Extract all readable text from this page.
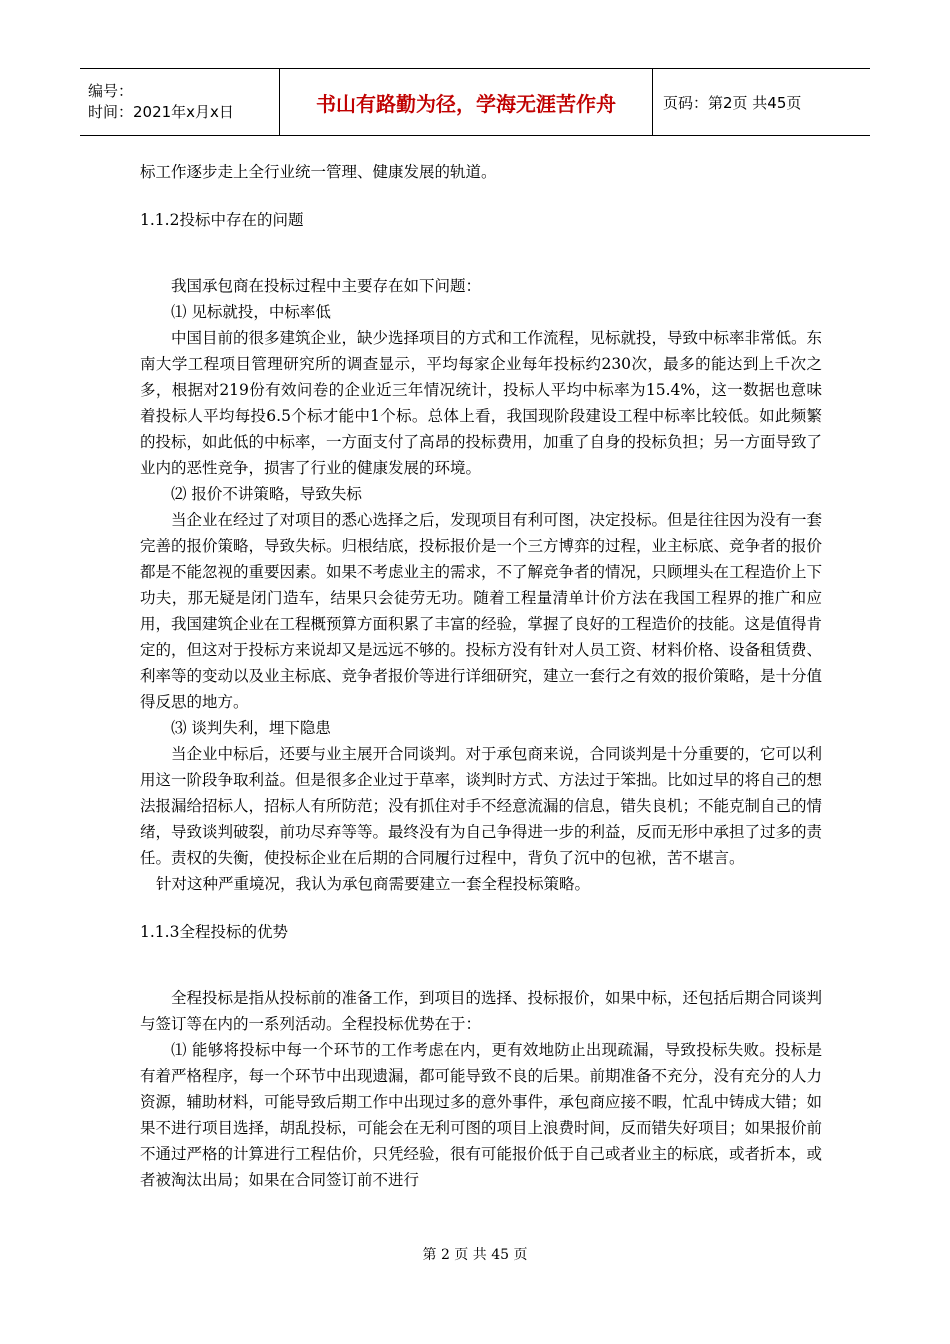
编号：
时间：2021年x月x日	书山有路勤为径，学海无涯苦作舟	页码：第2页 共45页
标工作逐步走上全行业统一管理、健康发展的轨道。
1.1.2投标中存在的问题

我国承包商在投标过程中主要存在如下问题：

⑴ 见标就投，中标率低

中国目前的很多建筑企业，缺少选择项目的方式和工作流程，见标就投，导致中标率非常低。东南大学工程项目管理研究所的调查显示，平均每家企业每年投标约230次，最多的能达到上千次之多，根据对219份有效问卷的企业近三年情况统计，投标人平均中标率为15.4%，这一数据也意味着投标人平均每投6.5个标才能中1个标。总体上看，我国现阶段建设工程中标率比较低。如此频繁的投标，如此低的中标率，一方面支付了高昂的投标费用，加重了自身的投标负担；另一方面导致了业内的恶性竞争，损害了行业的健康发展的环境。

⑵ 报价不讲策略，导致失标

当企业在经过了对项目的悉心选择之后，发现项目有利可图，决定投标。但是往往因为没有一套完善的报价策略，导致失标。归根结底，投标报价是一个三方博弈的过程，业主标底、竞争者的报价都是不能忽视的重要因素。如果不考虑业主的需求，不了解竞争者的情况，只顾埋头在工程造价上下功夫，那无疑是闭门造车，结果只会徒劳无功。随着工程量清单计价方法在我国工程界的推广和应用，我国建筑企业在工程概预算方面积累了丰富的经验，掌握了良好的工程造价的技能。这是值得肯定的，但这对于投标方来说却又是远远不够的。投标方没有针对人员工资、材料价格、设备租赁费、利率等的变动以及业主标底、竞争者报价等进行详细研究，建立一套行之有效的报价策略，是十分值得反思的地方。

⑶ 谈判失利，埋下隐患

当企业中标后，还要与业主展开合同谈判。对于承包商来说，合同谈判是十分重要的，它可以利用这一阶段争取利益。但是很多企业过于草率，谈判时方式、方法过于笨拙。比如过早的将自己的想法报漏给招标人，招标人有所防范；没有抓住对手不经意流漏的信息，错失良机；不能克制自己的情绪，导致谈判破裂，前功尽弃等等。最终没有为自己争得进一步的利益，反而无形中承担了过多的责任。责权的失衡，使投标企业在后期的合同履行过程中，背负了沉中的包袱，苦不堪言。

针对这种严重境况，我认为承包商需要建立一套全程投标策略。

1.1.3全程投标的优势

全程投标是指从投标前的准备工作，到项目的选择、投标报价，如果中标，还包括后期合同谈判与签订等在内的一系列活动。全程投标优势在于：

⑴ 能够将投标中每一个环节的工作考虑在内，更有效地防止出现疏漏，导致投标失败。投标是有着严格程序，每一个环节中出现遗漏，都可能导致不良的后果。前期准备不充分，没有充分的人力资源，辅助材料，可能导致后期工作中出现过多的意外事件，承包商应接不暇，忙乱中铸成大错；如果不进行项目选择，胡乱投标，可能会在无利可图的项目上浪费时间，反而错失好项目；如果报价前不通过严格的计算进行工程估价，只凭经验，很有可能报价低于自己或者业主的标底，或者折本，或者被淘汰出局；如果在合同签订前不进行

第 2 页 共 45 页
